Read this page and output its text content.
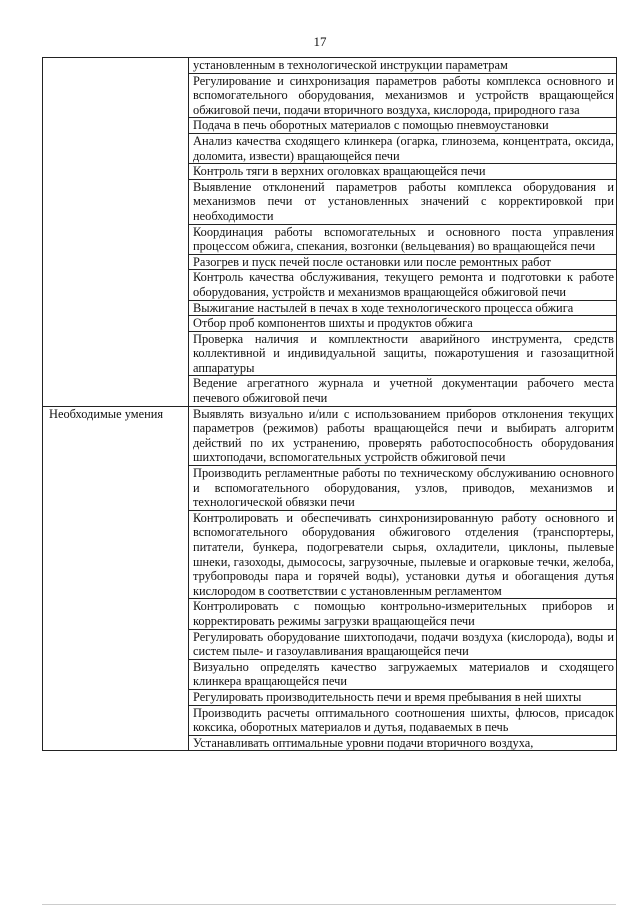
17
	установленным в технологической инструкции параметрам
	Регулирование и синхронизация параметров работы комплекса основного и вспомогательного оборудования, механизмов и устройств вращающейся обжиговой печи, подачи вторичного воздуха, кислорода, природного газа
	Подача в печь оборотных материалов с помощью пневмоустановки
	Анализ качества сходящего клинкера (огарка, глинозема, концентрата, оксида, доломита, извести) вращающейся печи
	Контроль тяги в верхних оголовках вращающейся печи
	Выявление отклонений параметров работы комплекса оборудования и механизмов печи от установленных значений с корректировкой при необходимости
	Координация работы вспомогательных и основного поста управления процессом обжига, спекания, возгонки (вельцевания) во вращающейся печи
	Разогрев и пуск печей после остановки или после ремонтных работ
	Контроль качества обслуживания, текущего ремонта и подготовки к работе оборудования, устройств и механизмов вращающейся обжиговой печи
	Выжигание настылей в печах в ходе технологического процесса обжига
	Отбор проб компонентов шихты и продуктов обжига
	Проверка наличия и комплектности аварийного инструмента, средств коллективной и индивидуальной защиты, пожаротушения и газозащитной аппаратуры
	Ведение агрегатного журнала и учетной документации рабочего места печевого обжиговой печи
Необходимые умения	Выявлять визуально и/или с использованием приборов отклонения текущих параметров (режимов) работы вращающейся печи и выбирать алгоритм действий по их устранению, проверять работоспособность оборудования шихтоподачи, вспомогательных устройств обжиговой печи
	Производить регламентные работы по техническому обслуживанию основного и вспомогательного оборудования, узлов, приводов, механизмов и технологической обвязки печи
	Контролировать и обеспечивать синхронизированную работу основного и вспомогательного оборудования обжигового отделения (транспортеры, питатели, бункера, подогреватели сырья, охладители, циклоны, пылевые шнеки, газоходы, дымососы, загрузочные, пылевые и огарковые течки, желоба, трубопроводы пара и горячей воды), установки дутья и обогащения дутья кислородом в соответствии с установленным регламентом
	Контролировать с помощью контрольно-измерительных приборов и корректировать режимы загрузки вращающейся печи
	Регулировать оборудование шихтоподачи, подачи воздуха (кислорода), воды и систем пыле- и газоулавливания вращающейся печи
	Визуально определять качество загружаемых материалов и сходящего клинкера вращающейся печи
	Регулировать производительность печи и время пребывания в ней шихты
	Производить расчеты оптимального соотношения шихты, флюсов, присадок коксика, оборотных материалов и дутья, подаваемых в печь
	Устанавливать оптимальные уровни подачи вторичного воздуха,
